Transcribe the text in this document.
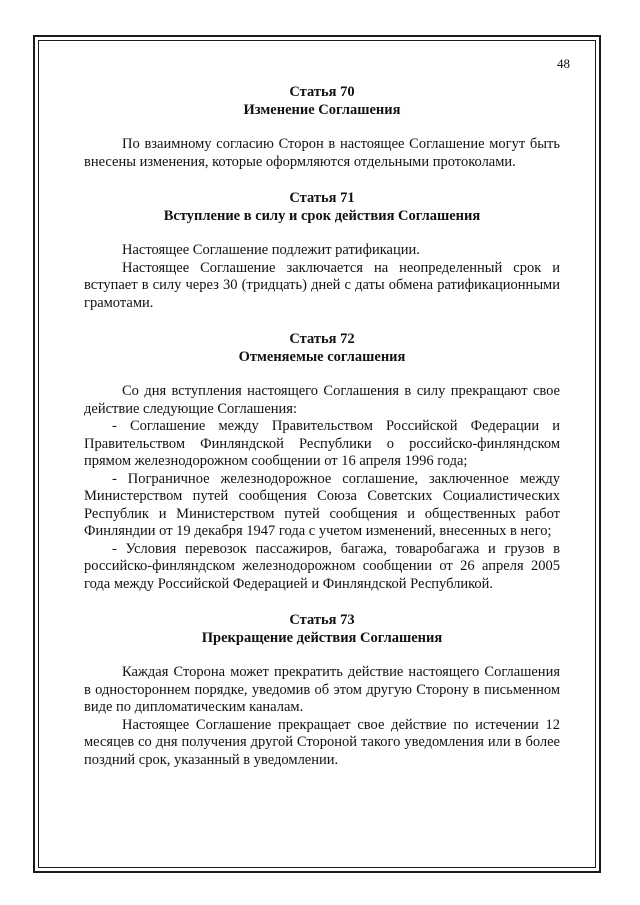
48

Статья 70

Изменение Соглашения

По взаимному согласию Сторон в настоящее Соглашение могут быть внесены изменения, которые оформляются отдельными протоколами.

Статья 71

Вступление в силу и срок действия Соглашения

Настоящее Соглашение подлежит ратификации.

Настоящее Соглашение заключается на неопределенный срок и вступает в силу через 30 (тридцать) дней с даты обмена ратификационными грамотами.

Статья 72

Отменяемые соглашения

Со дня вступления настоящего Соглашения в силу прекращают свое действие следующие Соглашения:

- Соглашение между Правительством Российской Федерации и Правительством Финляндской Республики о российско-финляндском прямом железнодорожном сообщении от 16 апреля 1996 года;

- Пограничное железнодорожное соглашение, заключенное между Министерством путей сообщения Союза Советских Социалистических Республик и Министерством путей сообщения и общественных работ Финляндии от 19 декабря 1947 года с учетом изменений, внесенных в него;

- Условия перевозок пассажиров, багажа, товаробагажа и грузов в российско-финляндском железнодорожном сообщении от 26 апреля 2005 года между Российской Федерацией и Финляндской Республикой.

Статья 73

Прекращение действия Соглашения

Каждая Сторона может прекратить действие настоящего Соглашения в одностороннем порядке, уведомив об этом другую Сторону в письменном виде по дипломатическим каналам.

Настоящее Соглашение прекращает свое действие по истечении 12 месяцев со дня получения другой Стороной такого уведомления или в более поздний срок, указанный в уведомлении.
